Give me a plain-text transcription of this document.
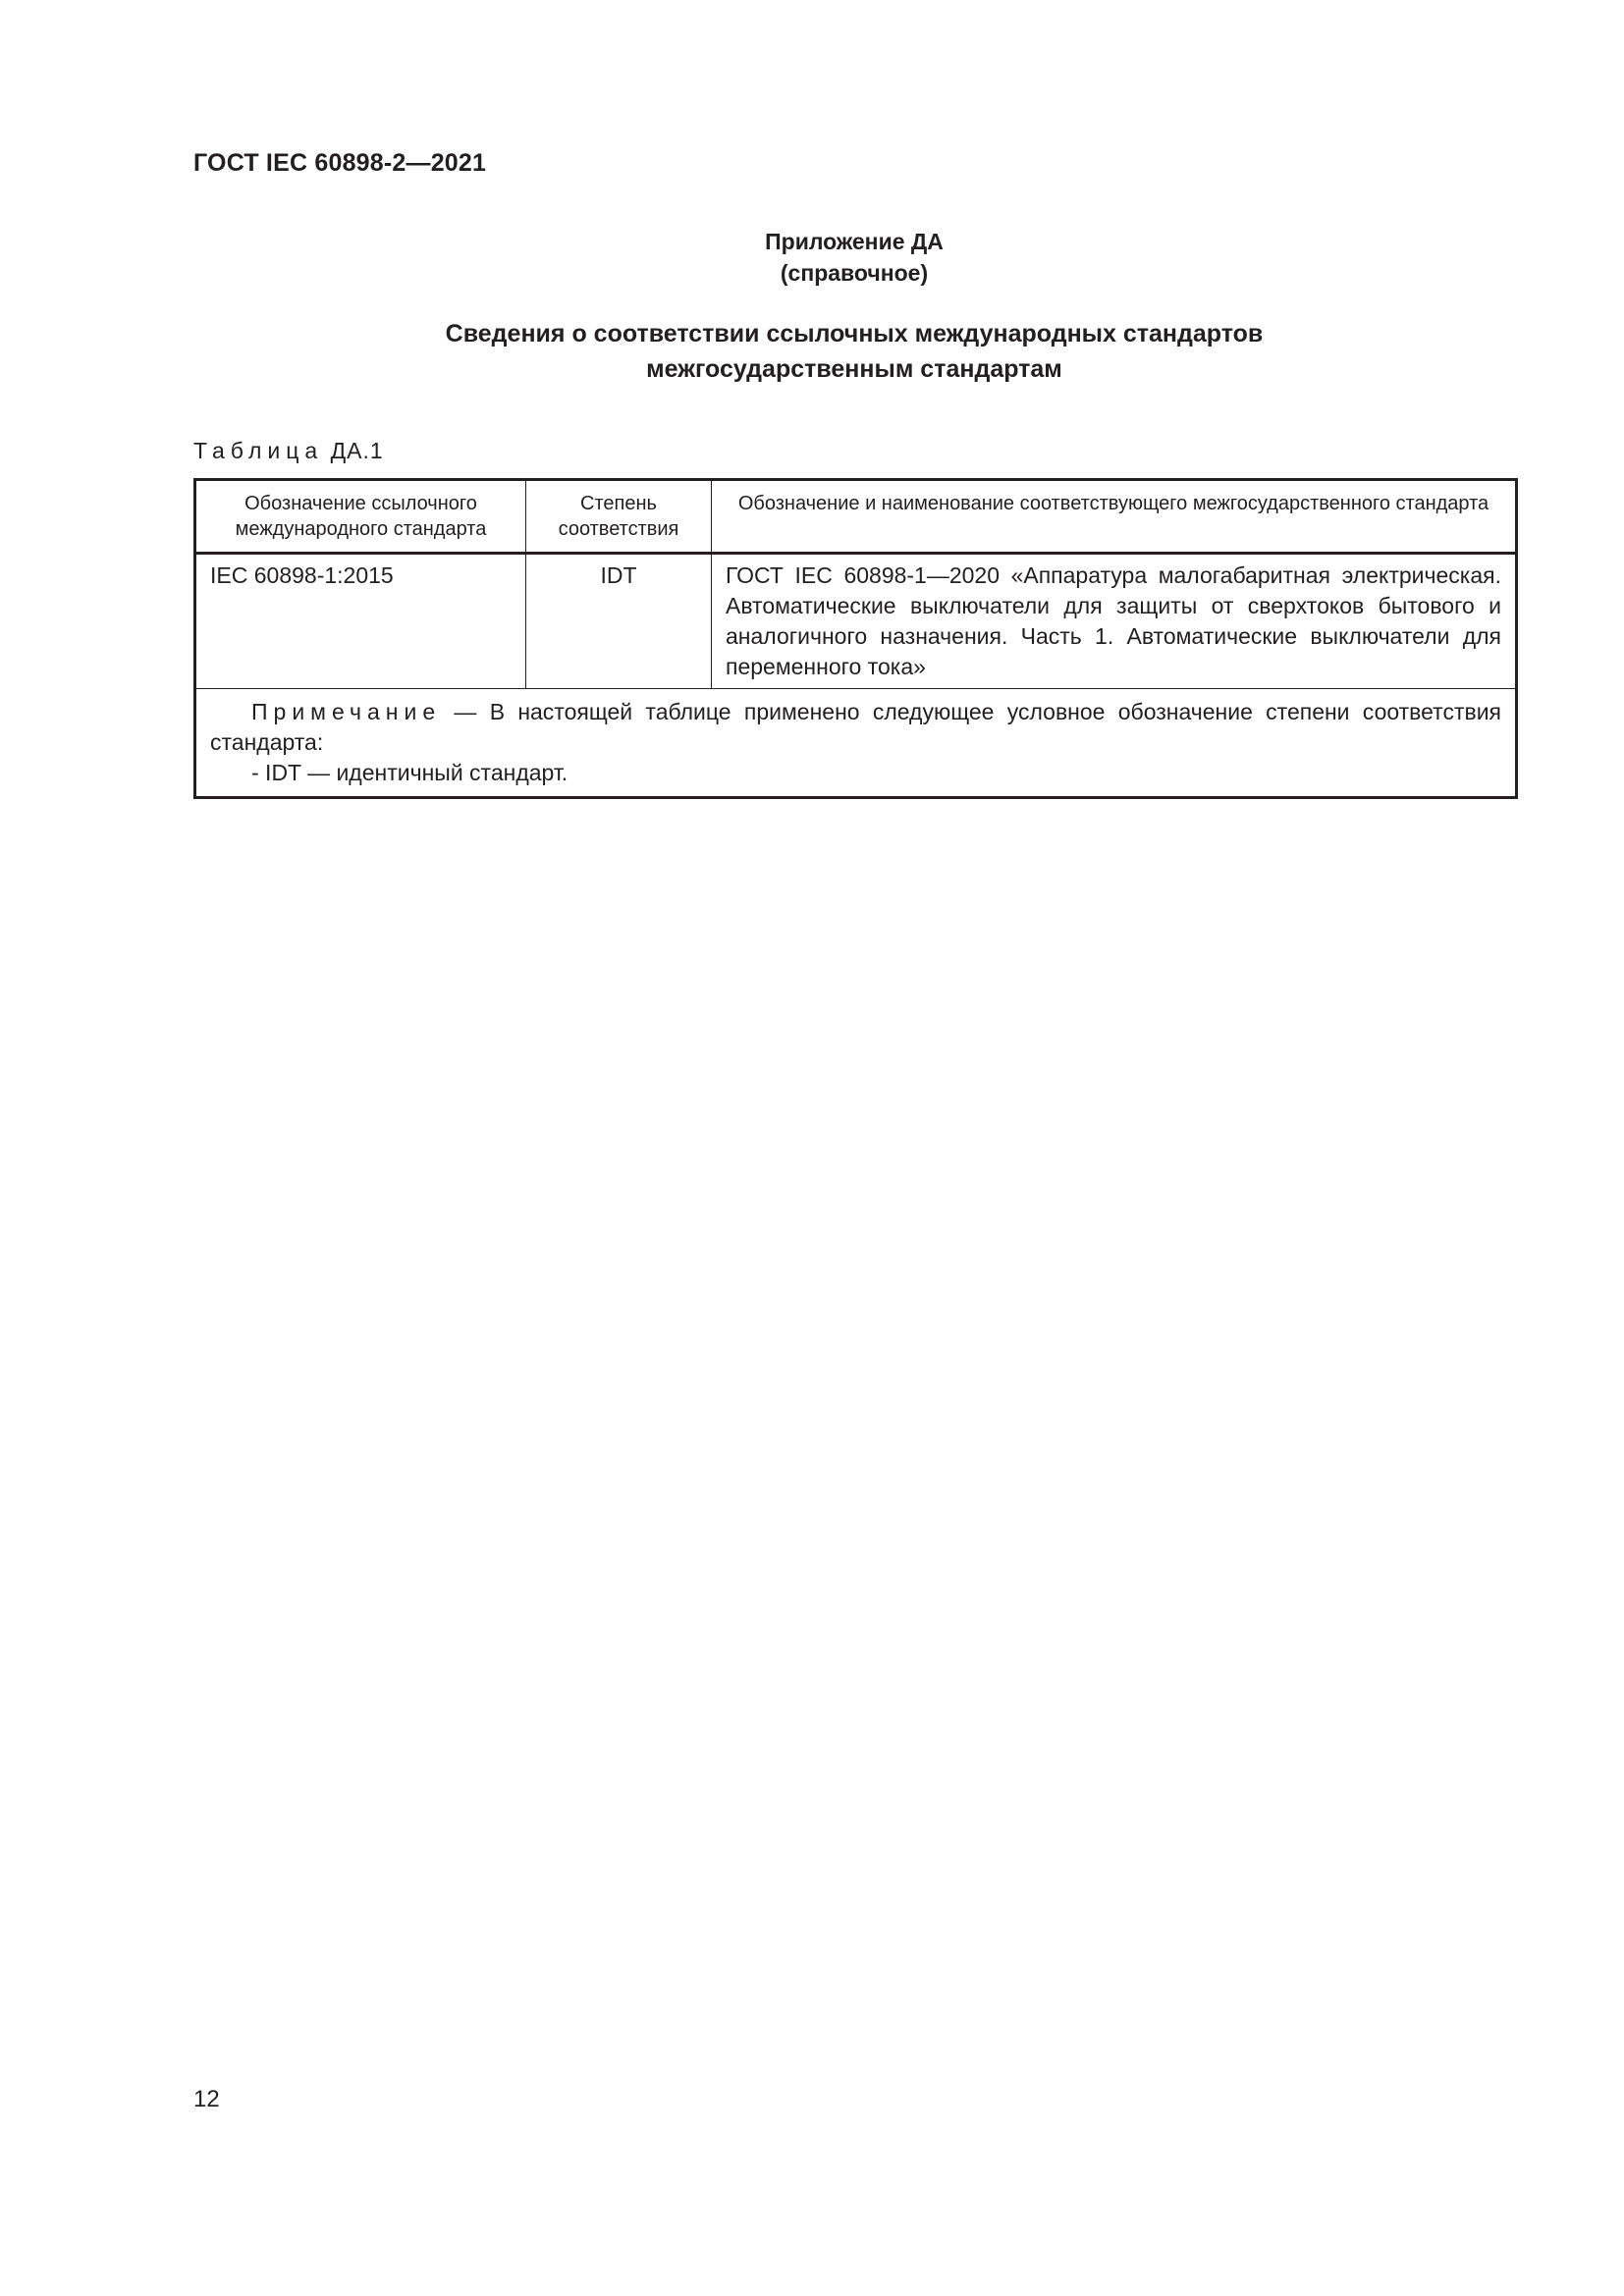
ГОСТ IEC 60898-2—2021
Приложение ДА
(справочное)
Сведения о соответствии ссылочных международных стандартов
межгосударственным стандартам
Таблица ДА.1
Обозначение ссылочного международного стандарта	Степень соответствия	Обозначение и наименование соответствующего межгосударственного стандарта
IEC 60898-1:2015	IDT	ГОСТ IEC 60898-1—2020 «Аппаратура малогабаритная электрическая. Автоматические выключатели для защиты от сверхтоков бытового и аналогичного назначения. Часть 1. Автоматические выключатели для переменного тока»

Примечание — В настоящей таблице применено следующее условное обозначение степени соответствия стандарта:
- IDT — идентичный стандарт.		
12
